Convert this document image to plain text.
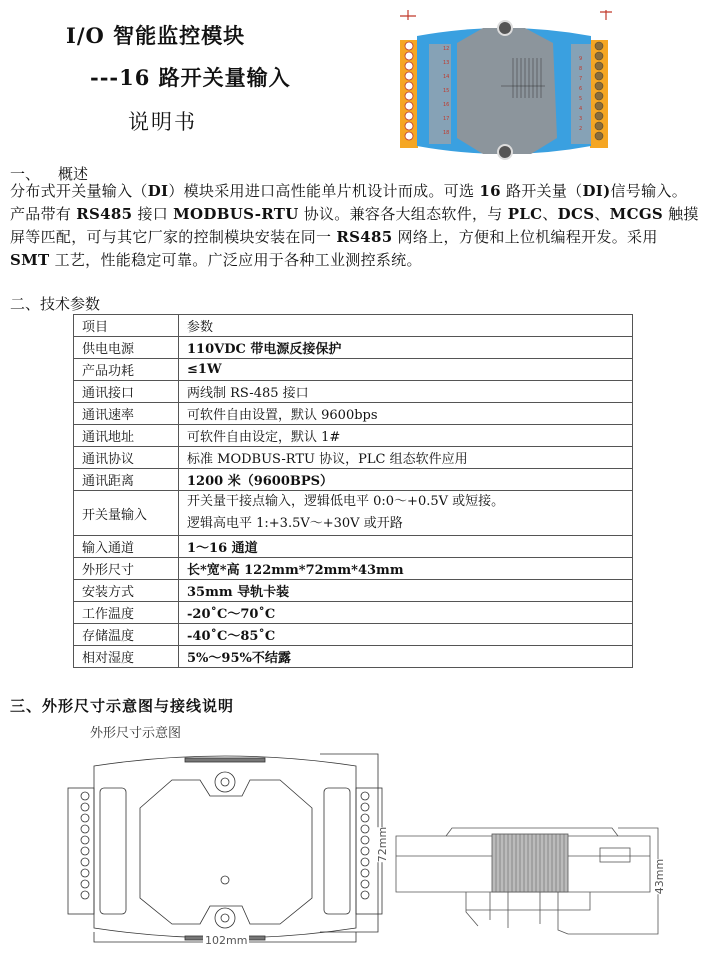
I/O 智能监控模块
---16 路开关量输入
说明书
12
13
14
15
16
17
18
9
8
7
6
5
4
3
2
一、 概述
分布式开关量输入（DI）模块采用进口高性能单片机设计而成。可选 16 路开关量（DI)信号输入。产品带有 RS485 接口 MODBUS-RTU 协议。兼容各大组态软件，与 PLC、DCS、MCGS 触摸屏等匹配，可与其它厂家的控制模块安装在同一 RS485 网络上，方便和上位机编程开发。采用 SMT 工艺，性能稳定可靠。广泛应用于各种工业测控系统。
二、技术参数
项目	参数
供电电源	110VDC 带电源反接保护
产品功耗	≤1W
通讯接口	两线制 RS-485 接口
通讯速率	可软件自由设置，默认 9600bps
通讯地址	可软件自由设定，默认 1#
通讯协议	标准 MODBUS-RTU 协议，PLC 组态软件应用
通讯距离	1200 米（9600BPS）
开关量输入	开关量干接点输入，逻辑低电平 0:0～+0.5V 或短接。
逻辑高电平 1:+3.5V～+30V 或开路

输入通道	1～16 通道
外形尺寸	长*宽*高 122mm*72mm*43mm
安装方式	35mm 导轨卡装
工作温度	-20˚C～70˚C
存储温度	-40˚C～85˚C
相对湿度	5%～95%不结露
三、外形尺寸示意图与接线说明
外形尺寸示意图
102mm
72mm
43mm
